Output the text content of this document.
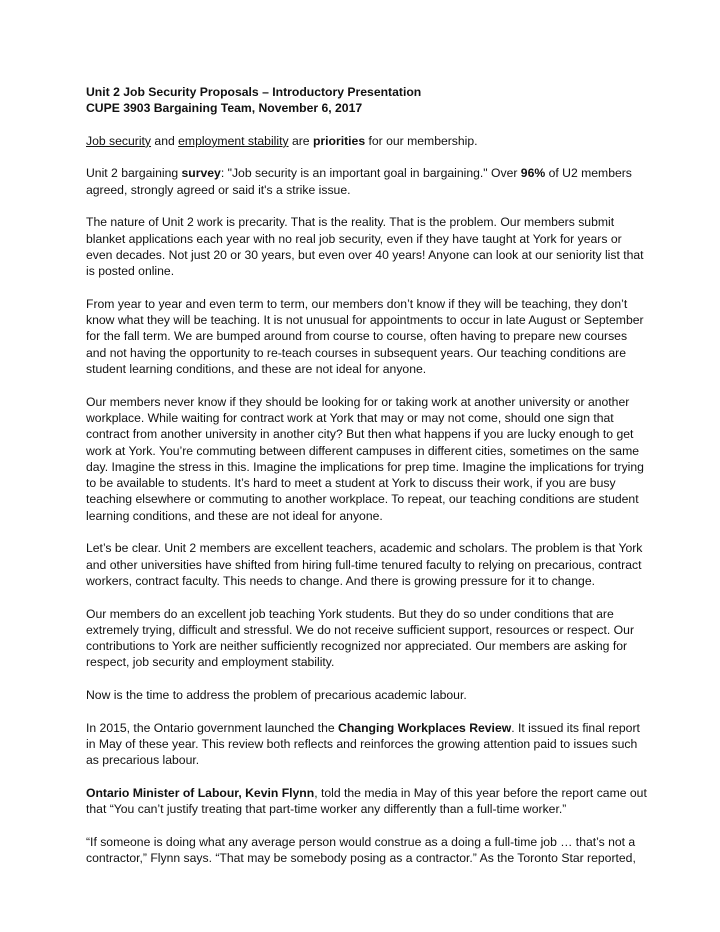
Unit 2 Job Security Proposals – Introductory Presentation
CUPE 3903 Bargaining Team, November 6, 2017

Job security and employment stability are priorities for our membership.

Unit 2 bargaining survey: "Job security is an important goal in bargaining." Over 96% of U2 members agreed, strongly agreed or said it's a strike issue.

The nature of Unit 2 work is precarity. That is the reality. That is the problem. Our members submit blanket applications each year with no real job security, even if they have taught at York for years or even decades. Not just 20 or 30 years, but even over 40 years! Anyone can look at our seniority list that is posted online.

From year to year and even term to term, our members don’t know if they will be teaching, they don’t know what they will be teaching. It is not unusual for appointments to occur in late August or September for the fall term. We are bumped around from course to course, often having to prepare new courses and not having the opportunity to re-teach courses in subsequent years. Our teaching conditions are student learning conditions, and these are not ideal for anyone.

Our members never know if they should be looking for or taking work at another university or another workplace. While waiting for contract work at York that may or may not come, should one sign that contract from another university in another city? But then what happens if you are lucky enough to get work at York. You’re commuting between different campuses in different cities, sometimes on the same day. Imagine the stress in this. Imagine the implications for prep time. Imagine the implications for trying to be available to students. It’s hard to meet a student at York to discuss their work, if you are busy teaching elsewhere or commuting to another workplace. To repeat, our teaching conditions are student learning conditions, and these are not ideal for anyone.

Let’s be clear. Unit 2 members are excellent teachers, academic and scholars. The problem is that York and other universities have shifted from hiring full-time tenured faculty to relying on precarious, contract workers, contract faculty. This needs to change. And there is growing pressure for it to change.

Our members do an excellent job teaching York students. But they do so under conditions that are extremely trying, difficult and stressful. We do not receive sufficient support, resources or respect. Our contributions to York are neither sufficiently recognized nor appreciated. Our members are asking for respect, job security and employment stability.

Now is the time to address the problem of precarious academic labour.

In 2015, the Ontario government launched the Changing Workplaces Review. It issued its final report in May of these year. This review both reflects and reinforces the growing attention paid to issues such as precarious labour.

Ontario Minister of Labour, Kevin Flynn, told the media in May of this year before the report came out that “You can’t justify treating that part-time worker any differently than a full-time worker.”

“If someone is doing what any average person would construe as a doing a full-time job … that’s not a contractor,” Flynn says. “That may be somebody posing as a contractor.” As the Toronto Star reported,
